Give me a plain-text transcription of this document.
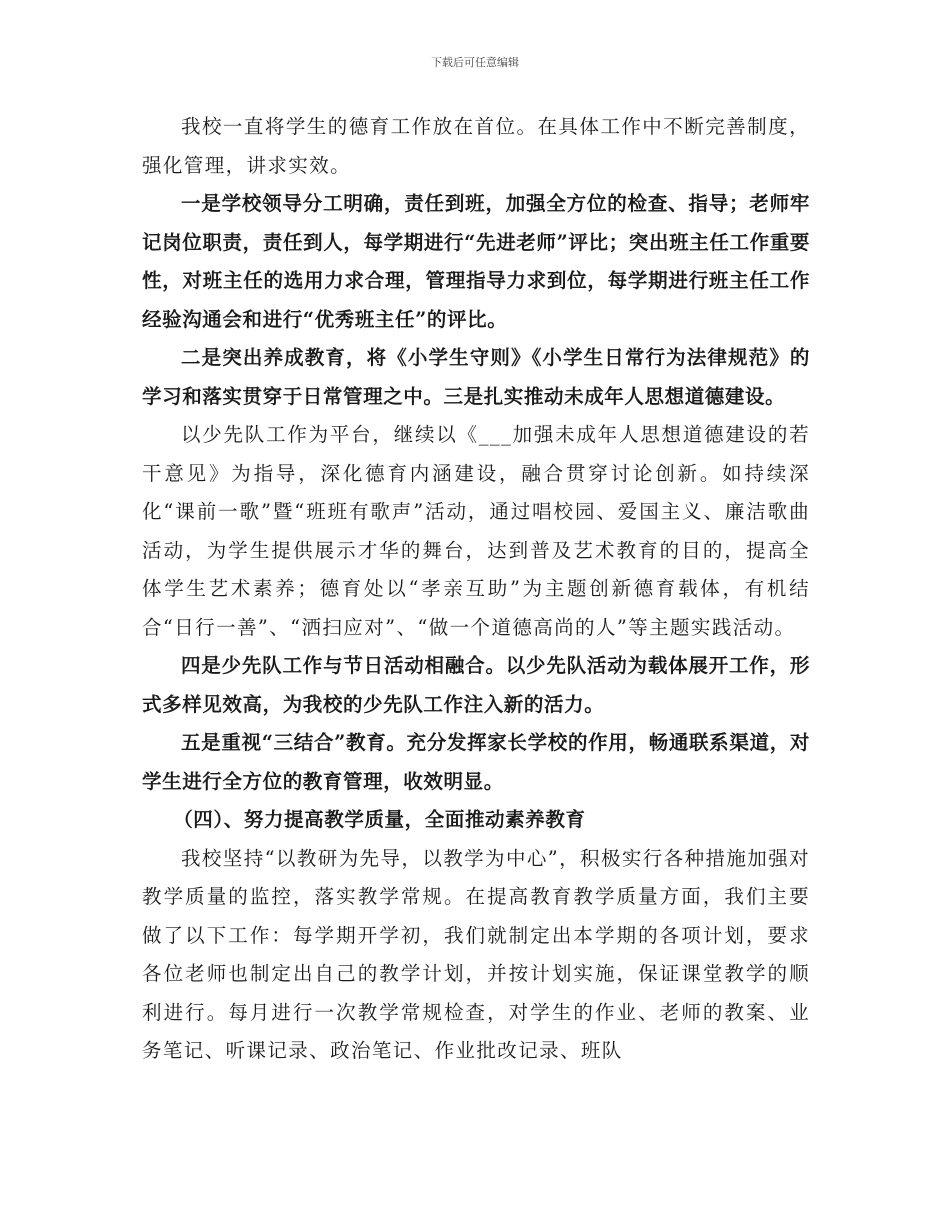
下载后可任意编辑

我校一直将学生的德育工作放在首位。在具体工作中不断完善制度，强化管理，讲求实效。

一是学校领导分工明确，责任到班，加强全方位的检查、指导；老师牢记岗位职责，责任到人，每学期进行“先进老师”评比；突出班主任工作重要性，对班主任的选用力求合理，管理指导力求到位，每学期进行班主任工作经验沟通会和进行“优秀班主任”的评比。

二是突出养成教育，将《小学生守则》《小学生日常行为法律规范》的学习和落实贯穿于日常管理之中。三是扎实推动未成年人思想道德建设。

以少先队工作为平台，继续以《___加强未成年人思想道德建设的若干意见》为指导，深化德育内涵建设，融合贯穿讨论创新。如持续深化“课前一歌”暨“班班有歌声”活动，通过唱校园、爱国主义、廉洁歌曲活动，为学生提供展示才华的舞台，达到普及艺术教育的目的，提高全体学生艺术素养；德育处以“孝亲互助”为主题创新德育载体，有机结合“日行一善”、“洒扫应对”、“做一个道德高尚的人”等主题实践活动。

四是少先队工作与节日活动相融合。以少先队活动为载体展开工作，形式多样见效高，为我校的少先队工作注入新的活力。

五是重视“三结合”教育。充分发挥家长学校的作用，畅通联系渠道，对学生进行全方位的教育管理，收效明显。

（四）、努力提高教学质量，全面推动素养教育

我校坚持“以教研为先导，以教学为中心”，积极实行各种措施加强对教学质量的监控，落实教学常规。在提高教育教学质量方面，我们主要做了以下工作：每学期开学初，我们就制定出本学期的各项计划，要求各位老师也制定出自己的教学计划，并按计划实施，保证课堂教学的顺利进行。每月进行一次教学常规检查，对学生的作业、老师的教案、业务笔记、听课记录、政治笔记、作业批改记录、班队
